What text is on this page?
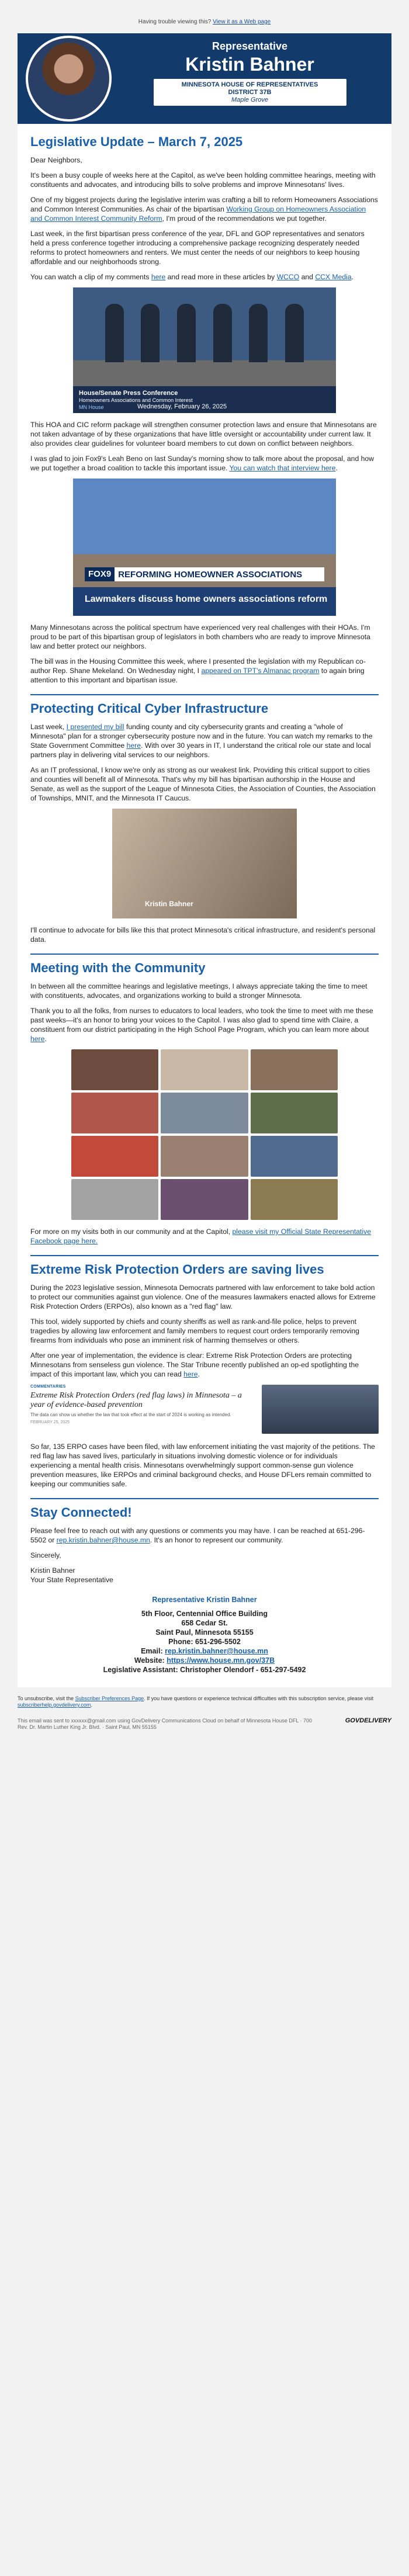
Having trouble viewing this? View it as a Web page
Representative
Kristin Bahner
MINNESOTA HOUSE OF REPRESENTATIVES
DISTRICT 37B
Maple Grove
Legislative Update – March 7, 2025

Dear Neighbors,

It's been a busy couple of weeks here at the Capitol, as we've been holding committee hearings, meeting with constituents and advocates, and introducing bills to solve problems and improve Minnesotans' lives.

One of my biggest projects during the legislative interim was crafting a bill to reform Homeowners Associations and Common Interest Communities. As chair of the bipartisan Working Group on Homeowners Association and Common Interest Community Reform, I'm proud of the recommendations we put together.

Last week, in the first bipartisan press conference of the year, DFL and GOP representatives and senators held a press conference together introducing a comprehensive package recognizing desperately needed reforms to protect homeowners and renters. We must center the needs of our neighbors to keep housing affordable and our neighborhoods strong.

You can watch a clip of my comments here and read more in these articles by WCCO and CCX Media.

House/Senate Press Conference
Homeowners Associations and Common Interest
MN House	Wednesday, February 26, 2025

This HOA and CIC reform package will strengthen consumer protection laws and ensure that Minnesotans are not taken advantage of by these organizations that have little oversight or accountability under current law. It also provides clear guidelines for volunteer board members to cut down on conflict between neighbors.

I was glad to join Fox9's Leah Beno on last Sunday's morning show to talk more about the proposal, and how we put together a broad coalition to tackle this important issue. You can watch that interview here.

FOX9 REFORMING HOMEOWNER ASSOCIATIONS
Lawmakers discuss home owners associations reform

Many Minnesotans across the political spectrum have experienced very real challenges with their HOAs. I'm proud to be part of this bipartisan group of legislators in both chambers who are ready to improve Minnesota law and better protect our neighbors.

The bill was in the Housing Committee this week, where I presented the legislation with my Republican co-author Rep. Shane Mekeland. On Wednesday night, I appeared on TPT's Almanac program to again bring attention to this important and bipartisan issue.

Protecting Critical Cyber Infrastructure

Last week, I presented my bill funding county and city cybersecurity grants and creating a "whole of Minnesota" plan for a stronger cybersecurity posture now and in the future. You can watch my remarks to the State Government Committee here. With over 30 years in IT, I understand the critical role our state and local partners play in delivering vital services to our neighbors.

As an IT professional, I know we're only as strong as our weakest link. Providing this critical support to cities and counties will benefit all of Minnesota. That's why my bill has bipartisan authorship in the House and Senate, as well as the support of the League of Minnesota Cities, the Association of Counties, the Association of Townships, MNIT, and the Minnesota IT Caucus.

Kristin Bahner

I'll continue to advocate for bills like this that protect Minnesota's critical infrastructure, and resident's personal data.

Meeting with the Community

In between all the committee hearings and legislative meetings, I always appreciate taking the time to meet with constituents, advocates, and organizations working to build a stronger Minnesota.

Thank you to all the folks, from nurses to educators to local leaders, who took the time to meet with me these past weeks—it's an honor to bring your voices to the Capitol. I was also glad to spend time with Claire, a constituent from our district participating in the High School Page Program, which you can learn more about here.

For more on my visits both in our community and at the Capitol, please visit my Official State Representative Facebook page here.

Extreme Risk Protection Orders are saving lives

During the 2023 legislative session, Minnesota Democrats partnered with law enforcement to take bold action to protect our communities against gun violence. One of the measures lawmakers enacted allows for Extreme Risk Protection Orders (ERPOs), also known as a "red flag" law.

This tool, widely supported by chiefs and county sheriffs as well as rank-and-file police, helps to prevent tragedies by allowing law enforcement and family members to request court orders temporarily removing firearms from individuals who pose an imminent risk of harming themselves or others.

After one year of implementation, the evidence is clear: Extreme Risk Protection Orders are protecting Minnesotans from senseless gun violence. The Star Tribune recently published an op-ed spotlighting the impact of this important law, which you can read here.

COMMENTARIES
Extreme Risk Protection Orders (red flag laws) in Minnesota – a year of evidence-based prevention
The data can show us whether the law that took effect at the start of 2024 is working as intended.
FEBRUARY 25, 2025

So far, 135 ERPO cases have been filed, with law enforcement initiating the vast majority of the petitions. The red flag law has saved lives, particularly in situations involving domestic violence or for individuals experiencing a mental health crisis. Minnesotans overwhelmingly support common-sense gun violence prevention measures, like ERPOs and criminal background checks, and House DFLers remain committed to keeping our communities safe.

Stay Connected!

Please feel free to reach out with any questions or comments you may have. I can be reached at 651-296-5502 or rep.kristin.bahner@house.mn. It's an honor to represent our community.

Sincerely,

Kristin Bahner
Your State Representative
Representative Kristin Bahner
5th Floor, Centennial Office Building
658 Cedar St.
Saint Paul, Minnesota 55155
Phone: 651-296-5502
Email: rep.kristin.bahner@house.mn
Website: https://www.house.mn.gov/37B
Legislative Assistant: Christopher Olendorf - 651-297-5492
To unsubscribe, visit the Subscriber Preferences Page. If you have questions or experience technical difficulties with this subscription service, please visit subscriberhelp.govdelivery.com.
This email was sent to xxxxxx@gmail.com using GovDelivery Communications Cloud on behalf of Minnesota House DFL · 700 Rev. Dr. Martin Luther King Jr. Blvd. · Saint Paul, MN 55155
GOVDELIVERY
